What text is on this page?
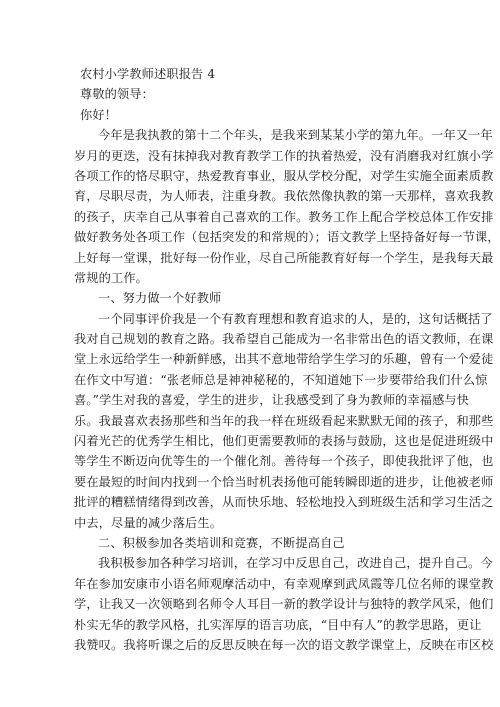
农村小学教师述职报告 4
尊敬的领导：
你好！
今年是我执教的第十二个年头，是我来到某某小学的第九年。一年又一年
岁月的更迭，没有抹掉我对教育教学工作的执着热爱，没有消磨我对红旗小学
各项工作的恪尽职守，热爱教育事业，服从学校分配，对学生实施全面素质教
育，尽职尽责，为人师表，注重身教。我依然像执教的第一天那样，喜欢我教
的孩子，庆幸自己从事着自己喜欢的工作。教务工作上配合学校总体工作安排
做好教务处各项工作（包括突发的和常规的）；语文教学上坚持备好每一节课，
上好每一堂课，批好每一份作业，尽自己所能教育好每一个学生，是我每天最
常规的工作。
一、努力做一个好教师
一个同事评价我是一个有教育理想和教育追求的人，是的，这句话概括了
我对自己规划的教育之路。我希望自己能成为一名非常出色的语文教师，在课
堂上永远给学生一种新鲜感，出其不意地带给学生学习的乐趣，曾有一个爱徒
在作文中写道：“张老师总是神神秘秘的，不知道她下一步要带给我们什么惊
喜。”学生对我的喜爱，学生的进步，让我感受到了身为教师的幸福感与快
乐。我最喜欢表扬那些和当年的我一样在班级看起来默默无闻的孩子，和那些
闪着光芒的优秀学生相比，他们更需要教师的表扬与鼓励，这也是促进班级中
等学生不断迈向优等生的一个催化剂。善待每一个孩子，即使我批评了他，也
要在最短的时间内找到一个恰当时机表扬他可能转瞬即逝的进步，让他被老师
批评的糟糕情绪得到改善，从而快乐地、轻松地投入到班级生活和学习生活之
中去，尽量的减少落后生。
二、积极参加各类培训和竞赛，不断提高自己
我积极参加各种学习培训，在学习中反思自己，改进自己，提升自己。今
年在参加安康市小语名师观摩活动中，有幸观摩到武凤霞等几位名师的课堂教
学，让我又一次领略到名师令人耳目一新的教学设计与独特的教学风采，他们
朴实无华的教学风格，扎实浑厚的语言功底，“目中有人”的教学思路，更让
我赞叹。我将听课之后的反思反映在每一次的语文教学课堂上，反映在市区校
